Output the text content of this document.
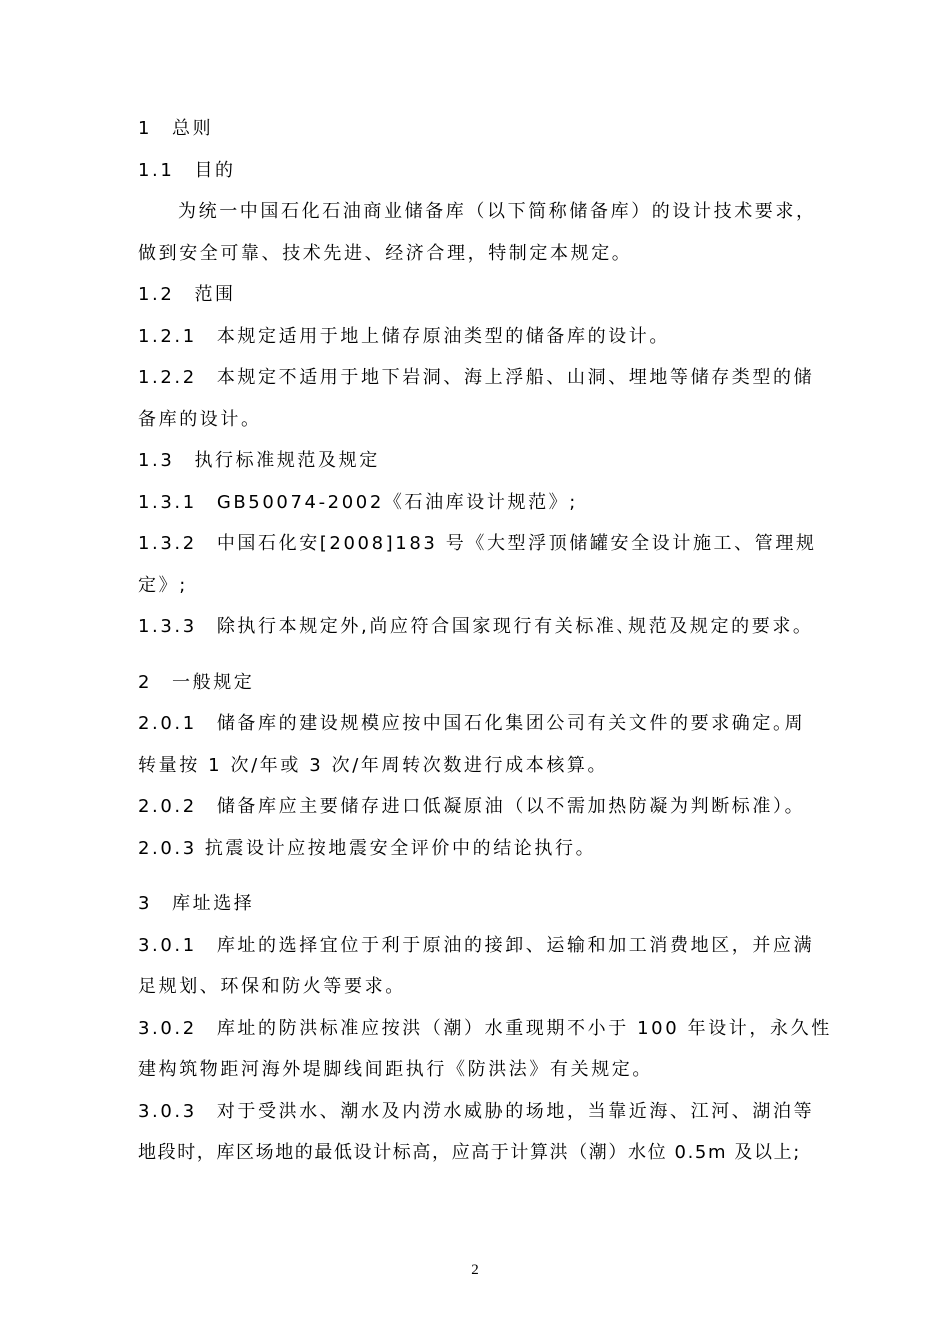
1 总则
1.1 目的
为统一中国石化石油商业储备库（以下简称储备库）的设计技术要求，
做到安全可靠、技术先进、经济合理，特制定本规定。
1.2 范围
1.2.1 本规定适用于地上储存原油类型的储备库的设计。
1.2.2 本规定不适用于地下岩洞、海上浮船、山洞、埋地等储存类型的储
备库的设计。
1.3 执行标准规范及规定
1.3.1 GB50074-2002《石油库设计规范》;
1.3.2 中国石化安[2008]183 号《大型浮顶储罐安全设计施工、管理规
定》;
1.3.3 除执行本规定外,尚应符合国家现行有关标准､规范及规定的要求。
2 一般规定
2.0.1 储备库的建设规模应按中国石化集团公司有关文件的要求确定｡周
转量按 1 次/年或 3 次/年周转次数进行成本核算。
2.0.2 储备库应主要储存进口低凝原油（以不需加热防凝为判断标准）。
2.0.3 抗震设计应按地震安全评价中的结论执行。
3 库址选择
3.0.1 库址的选择宜位于利于原油的接卸、运输和加工消费地区，并应满
足规划、环保和防火等要求。
3.0.2 库址的防洪标准应按洪（潮）水重现期不小于 100 年设计，永久性
建构筑物距河海外堤脚线间距执行《防洪法》有关规定。
3.0.3 对于受洪水、潮水及内涝水威胁的场地，当靠近海、江河、湖泊等
地段时，库区场地的最低设计标高，应高于计算洪（潮）水位 0.5m 及以上;
2
